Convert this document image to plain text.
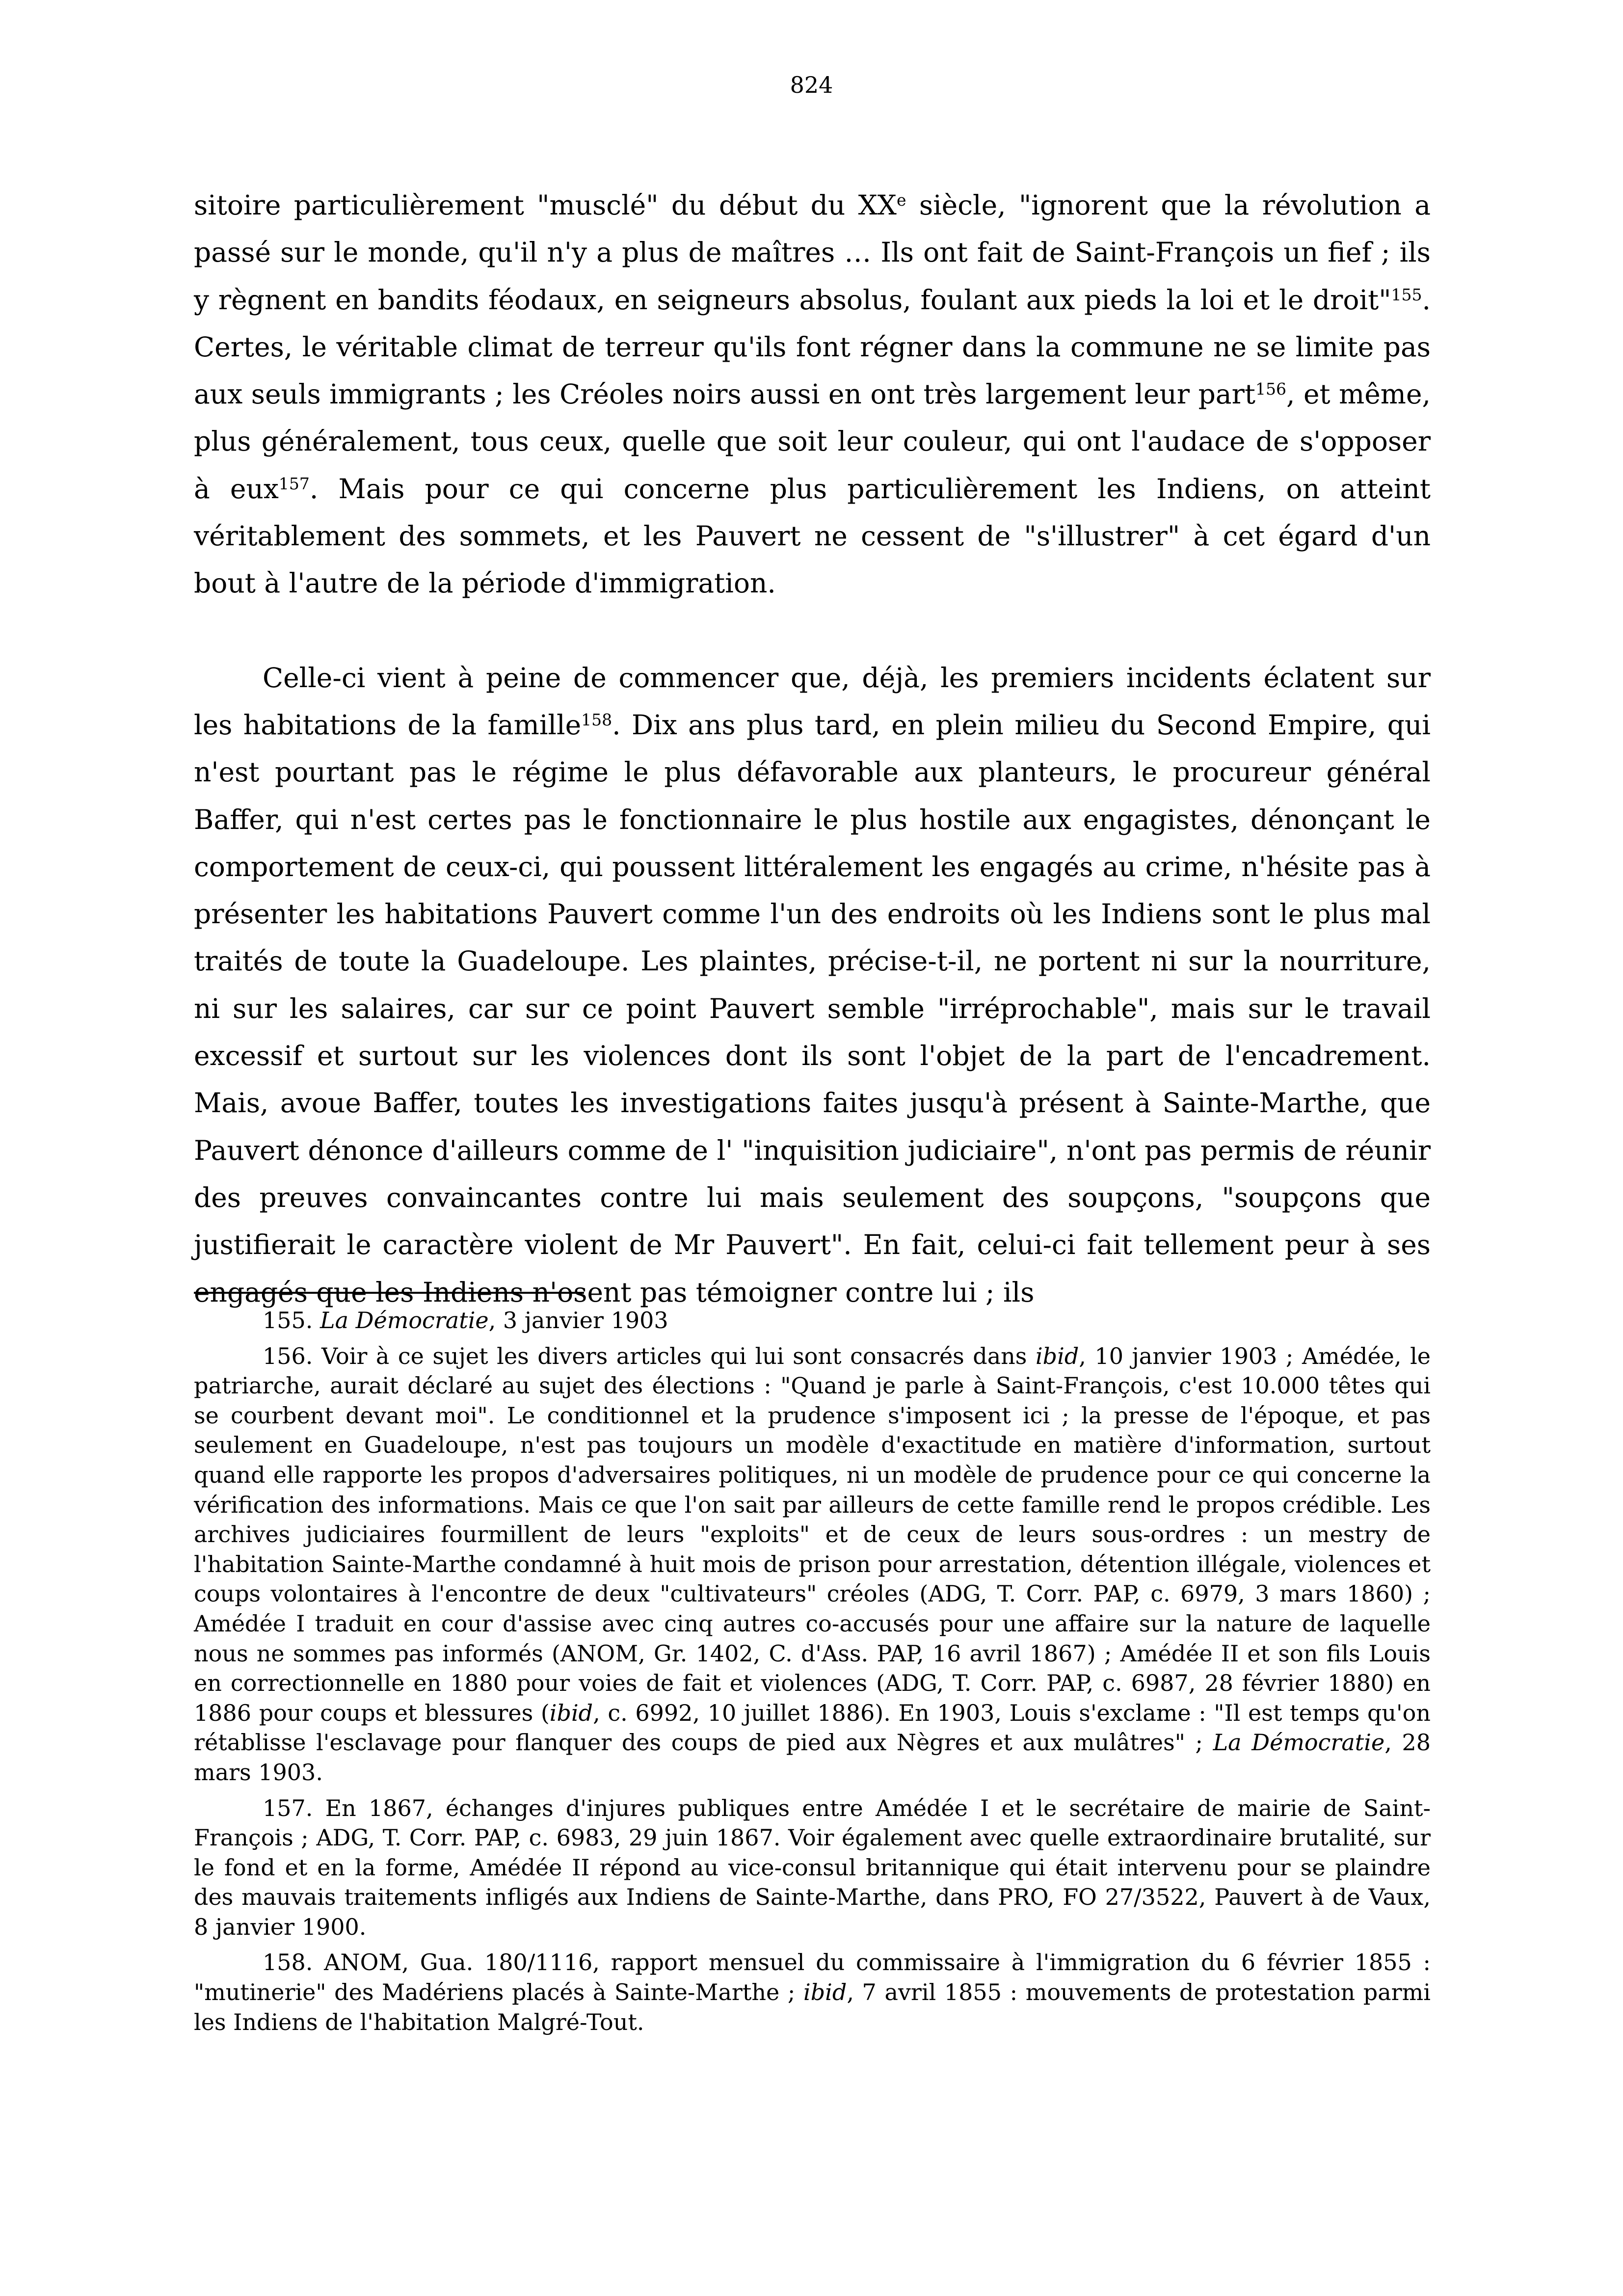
824

sitoire particulièrement "musclé" du début du XXe siècle, "ignorent que la révolution a passé sur le monde, qu'il n'y a plus de maîtres … Ils ont fait de Saint-François un fief ; ils y règnent en bandits féodaux, en seigneurs absolus, foulant aux pieds la loi et le droit"$^{155}$. Certes, le véritable climat de terreur qu'ils font régner dans la commune ne se limite pas aux seuls immigrants ; les Créoles noirs aussi en ont très largement leur part$^{156}$, et même, plus généralement, tous ceux, quelle que soit leur couleur, qui ont l'audace de s'opposer à eux$^{157}$. Mais pour ce qui concerne plus particulièrement les Indiens, on atteint véritablement des sommets, et les Pauvert ne cessent de "s'illustrer" à cet égard d'un bout à l'autre de la période d'immigration.

Celle-ci vient à peine de commencer que, déjà, les premiers incidents éclatent sur les habitations de la famille$^{158}$. Dix ans plus tard, en plein milieu du Second Empire, qui n'est pourtant pas le régime le plus défavorable aux planteurs, le procureur général Baffer, qui n'est certes pas le fonctionnaire le plus hostile aux engagistes, dénonçant le comportement de ceux-ci, qui poussent littéralement les engagés au crime, n'hésite pas à présenter les habitations Pauvert comme l'un des endroits où les Indiens sont le plus mal traités de toute la Guadeloupe. Les plaintes, précise-t-il, ne portent ni sur la nourriture, ni sur les salaires, car sur ce point Pauvert semble "irréprochable", mais sur le travail excessif et surtout sur les violences dont ils sont l'objet de la part de l'encadrement. Mais, avoue Baffer, toutes les investigations faites jusqu'à présent à Sainte-Marthe, que Pauvert dénonce d'ailleurs comme de l' "inquisition judiciaire", n'ont pas permis de réunir des preuves convaincantes contre lui mais seulement des soupçons, "soupçons que justifierait le caractère violent de Mr Pauvert". En fait, celui-ci fait tellement peur à ses engagés que les Indiens n'osent pas témoigner contre lui ; ils

155. La Démocratie, 3 janvier 1903

156. Voir à ce sujet les divers articles qui lui sont consacrés dans ibid, 10 janvier 1903 ; Amédée, le patriarche, aurait déclaré au sujet des élections : "Quand je parle à Saint-François, c'est 10.000 têtes qui se courbent devant moi". Le conditionnel et la prudence s'imposent ici ; la presse de l'époque, et pas seulement en Guadeloupe, n'est pas toujours un modèle d'exactitude en matière d'information, surtout quand elle rapporte les propos d'adversaires politiques, ni un modèle de prudence pour ce qui concerne la vérification des informations. Mais ce que l'on sait par ailleurs de cette famille rend le propos crédible. Les archives judiciaires fourmillent de leurs "exploits" et de ceux de leurs sous-ordres : un mestry de l'habitation Sainte-Marthe condamné à huit mois de prison pour arrestation, détention illégale, violences et coups volontaires à l'encontre de deux "cultivateurs" créoles (ADG, T. Corr. PAP, c. 6979, 3 mars 1860) ; Amédée I traduit en cour d'assise avec cinq autres co-accusés pour une affaire sur la nature de laquelle nous ne sommes pas informés (ANOM, Gr. 1402, C. d'Ass. PAP, 16 avril 1867) ; Amédée II et son fils Louis en correctionnelle en 1880 pour voies de fait et violences (ADG, T. Corr. PAP, c. 6987, 28 février 1880) en 1886 pour coups et blessures (ibid, c. 6992, 10 juillet 1886). En 1903, Louis s'exclame : "Il est temps qu'on rétablisse l'esclavage pour flanquer des coups de pied aux Nègres et aux mulâtres" ; La Démocratie, 28 mars 1903.

157. En 1867, échanges d'injures publiques entre Amédée I et le secrétaire de mairie de Saint-François ; ADG, T. Corr. PAP, c. 6983, 29 juin 1867. Voir également avec quelle extraordinaire brutalité, sur le fond et en la forme, Amédée II répond au vice-consul britannique qui était intervenu pour se plaindre des mauvais traitements infligés aux Indiens de Sainte-Marthe, dans PRO, FO 27/3522, Pauvert à de Vaux, 8 janvier 1900.

158. ANOM, Gua. 180/1116, rapport mensuel du commissaire à l'immigration du 6 février 1855 : "mutinerie" des Madériens placés à Sainte-Marthe ; ibid, 7 avril 1855 : mouvements de protestation parmi les Indiens de l'habitation Malgré-Tout.
